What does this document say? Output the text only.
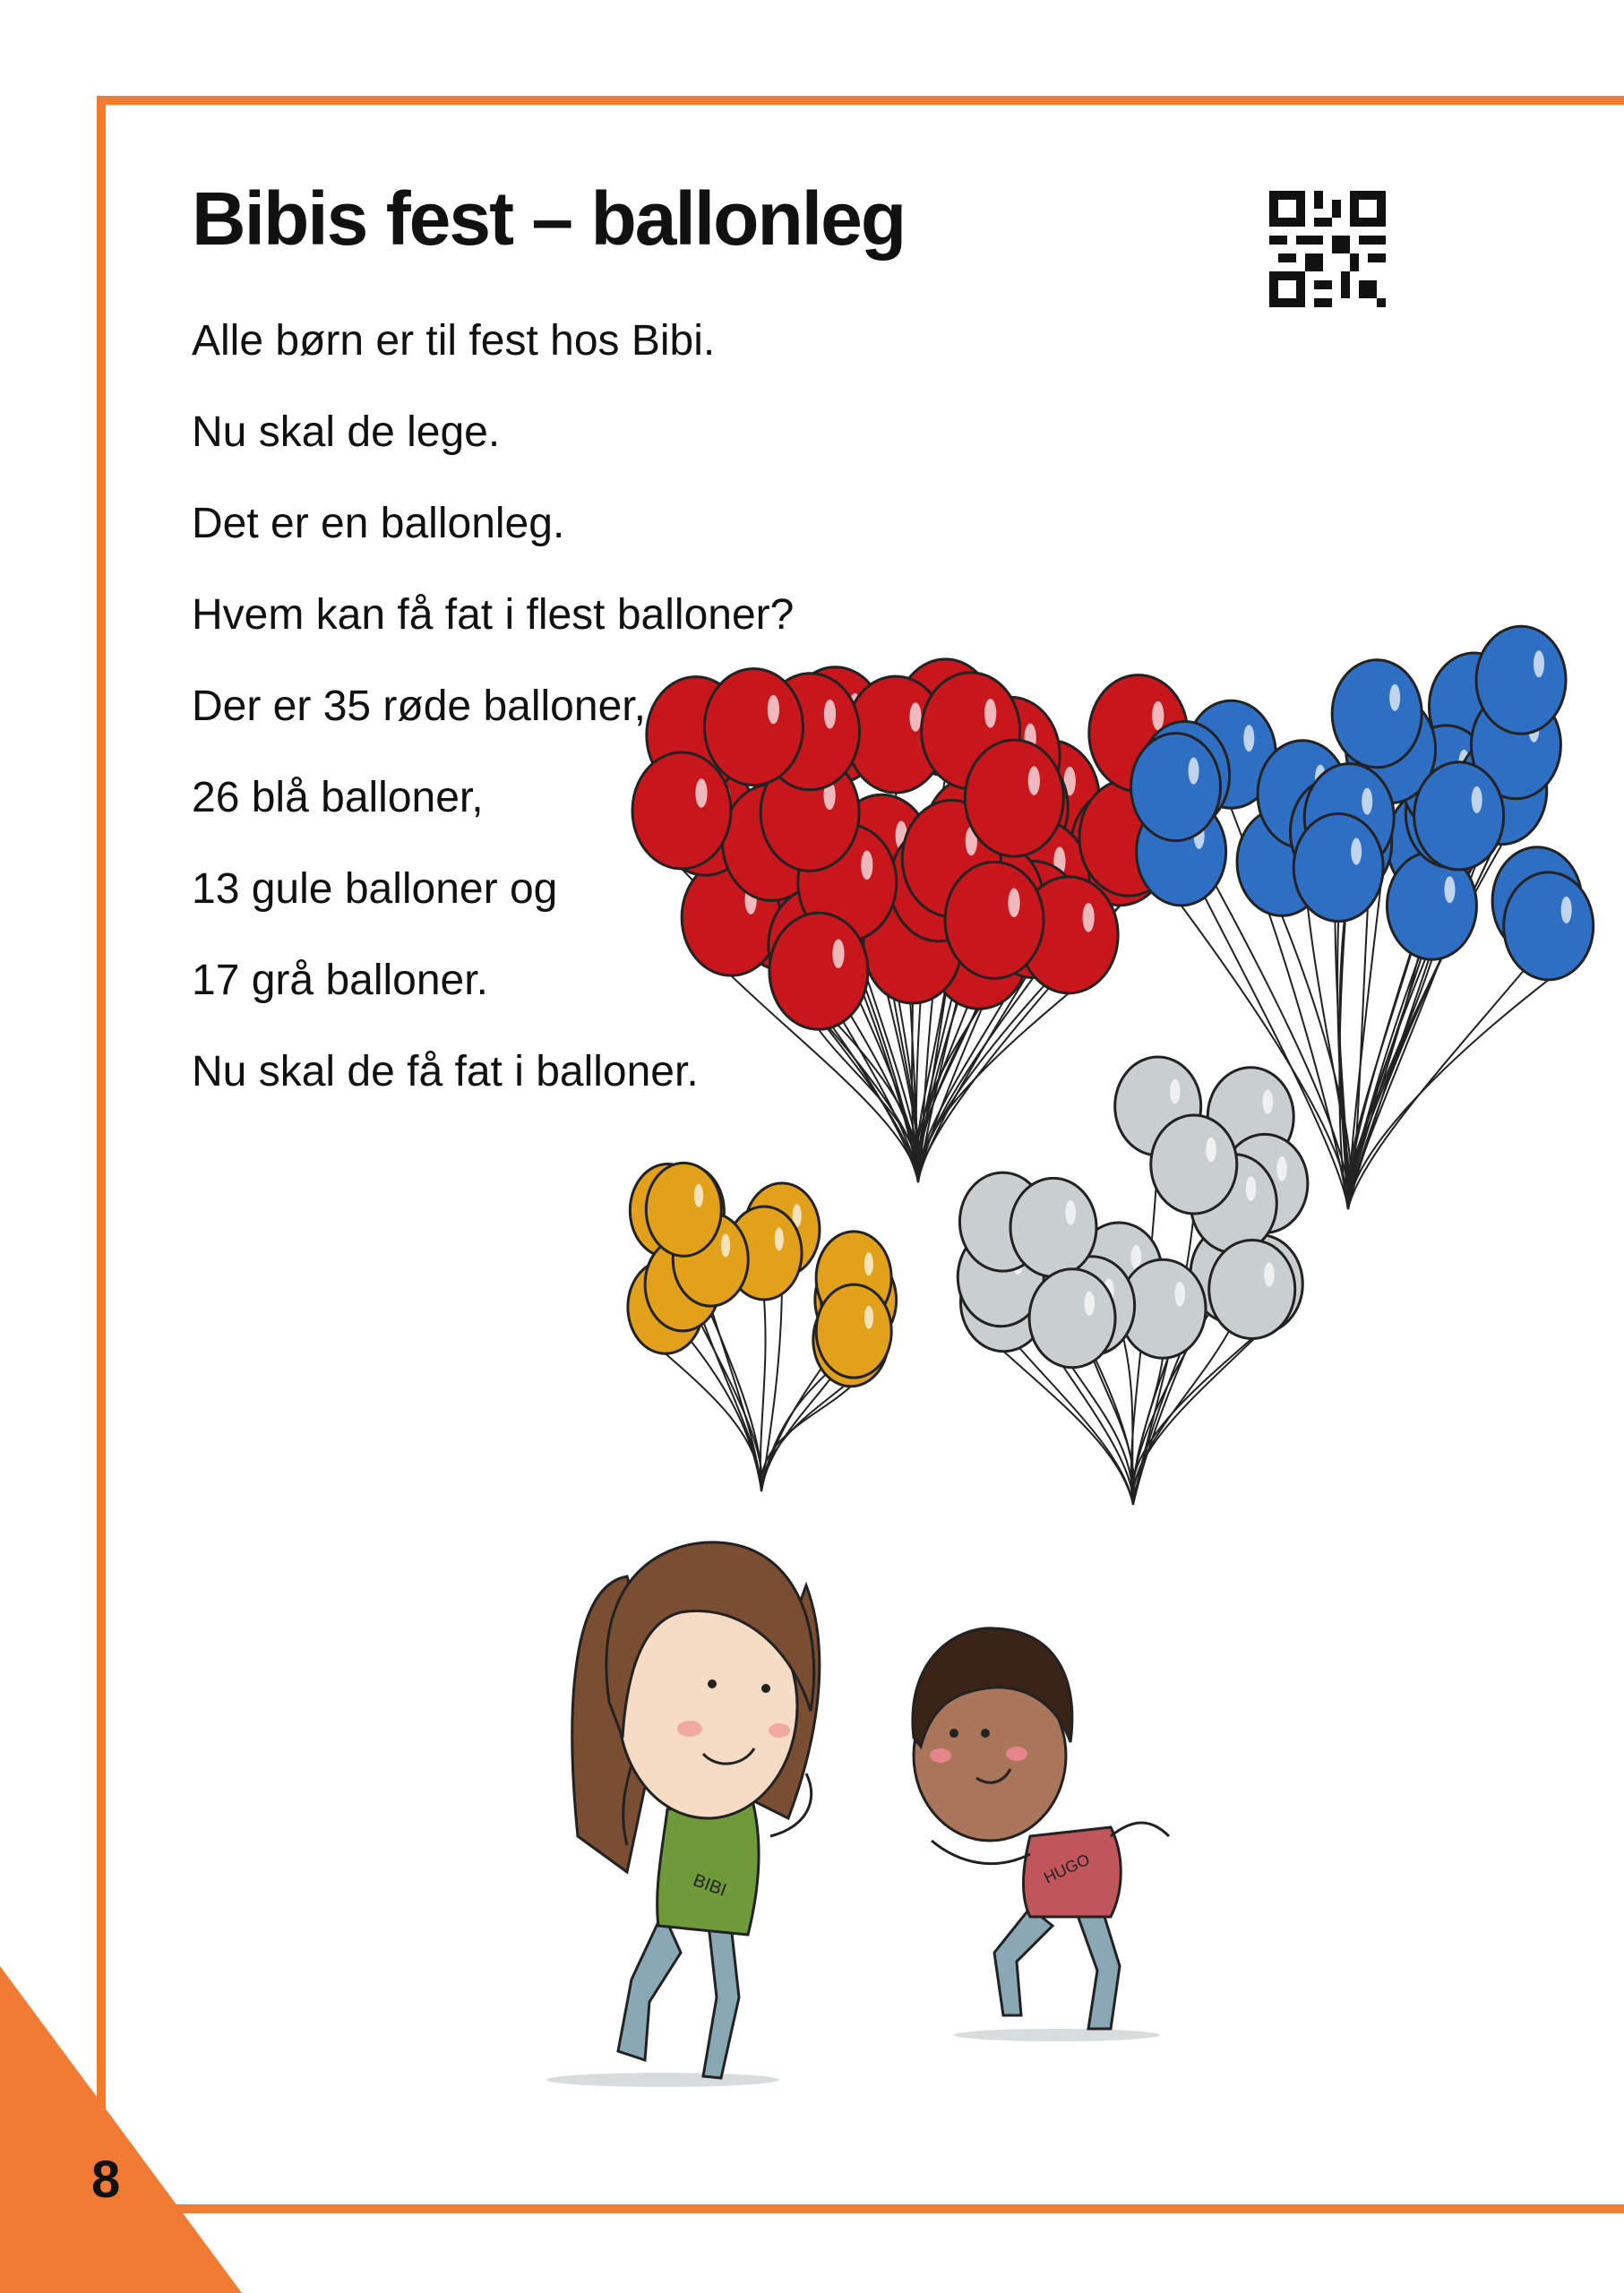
8
Bibis fest – ballonleg
Alle børn er til fest hos Bibi.
Nu skal de lege.
Det er en ballonleg.
Hvem kan få fat i flest balloner?
Der er 35 røde balloner,
26 blå balloner,
13 gule balloner og
17 grå balloner.
Nu skal de få fat i balloner.
BIBI	HUGO
